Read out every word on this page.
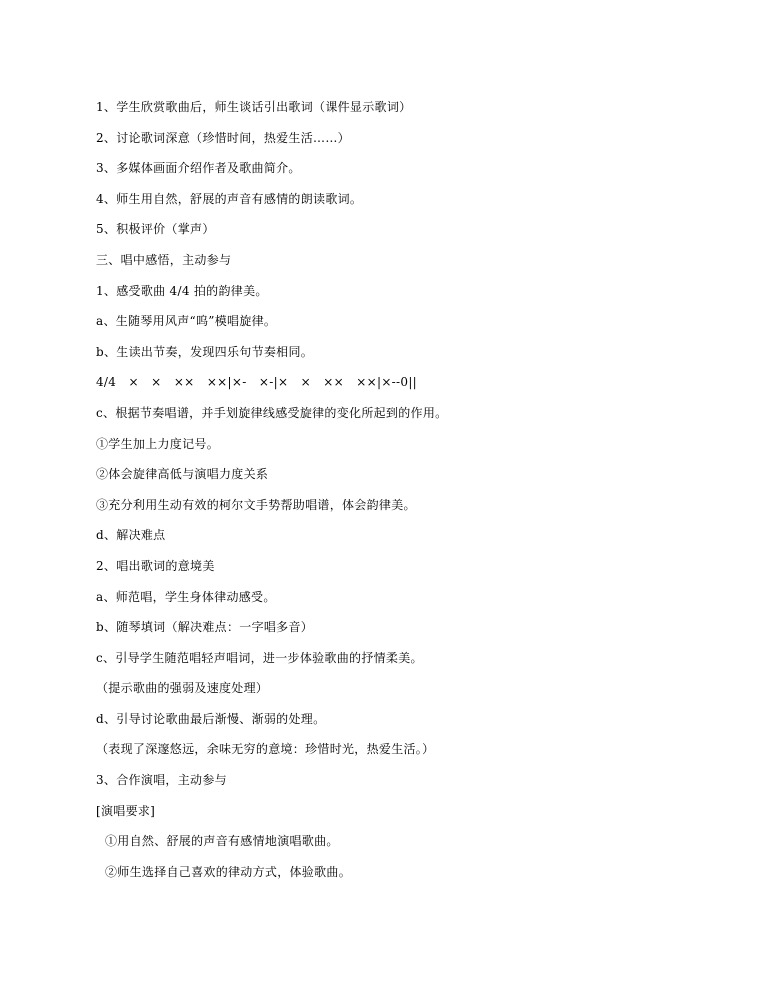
1、学生欣赏歌曲后，师生谈话引出歌词（课件显示歌词）
2、讨论歌词深意（珍惜时间，热爱生活……）
3、多媒体画面介绍作者及歌曲简介。
4、师生用自然，舒展的声音有感情的朗读歌词。
5、积极评价（掌声）
三、唱中感悟，主动参与
1、感受歌曲 4/4 拍的韵律美。
a、生随琴用风声“呜”模唱旋律。
b、生读出节奏，发现四乐句节奏相同。
4/4　×　×　××　××|×-　×-|×　×　××　××|×--0||
c、根据节奏唱谱，并手划旋律线感受旋律的变化所起到的作用。
①学生加上力度记号。
②体会旋律高低与演唱力度关系
③充分利用生动有效的柯尔文手势帮助唱谱，体会韵律美。
d、解决难点
2、唱出歌词的意境美
a、师范唱，学生身体律动感受。
b、随琴填词（解决难点：一字唱多音）
c、引导学生随范唱轻声唱词，进一步体验歌曲的抒情柔美。
（提示歌曲的强弱及速度处理）
d、引导讨论歌曲最后渐慢、渐弱的处理。
（表现了深邃悠远，余味无穷的意境：珍惜时光，热爱生活。）
3、合作演唱，主动参与
[演唱要求]
①用自然、舒展的声音有感情地演唱歌曲。
②师生选择自己喜欢的律动方式，体验歌曲。
